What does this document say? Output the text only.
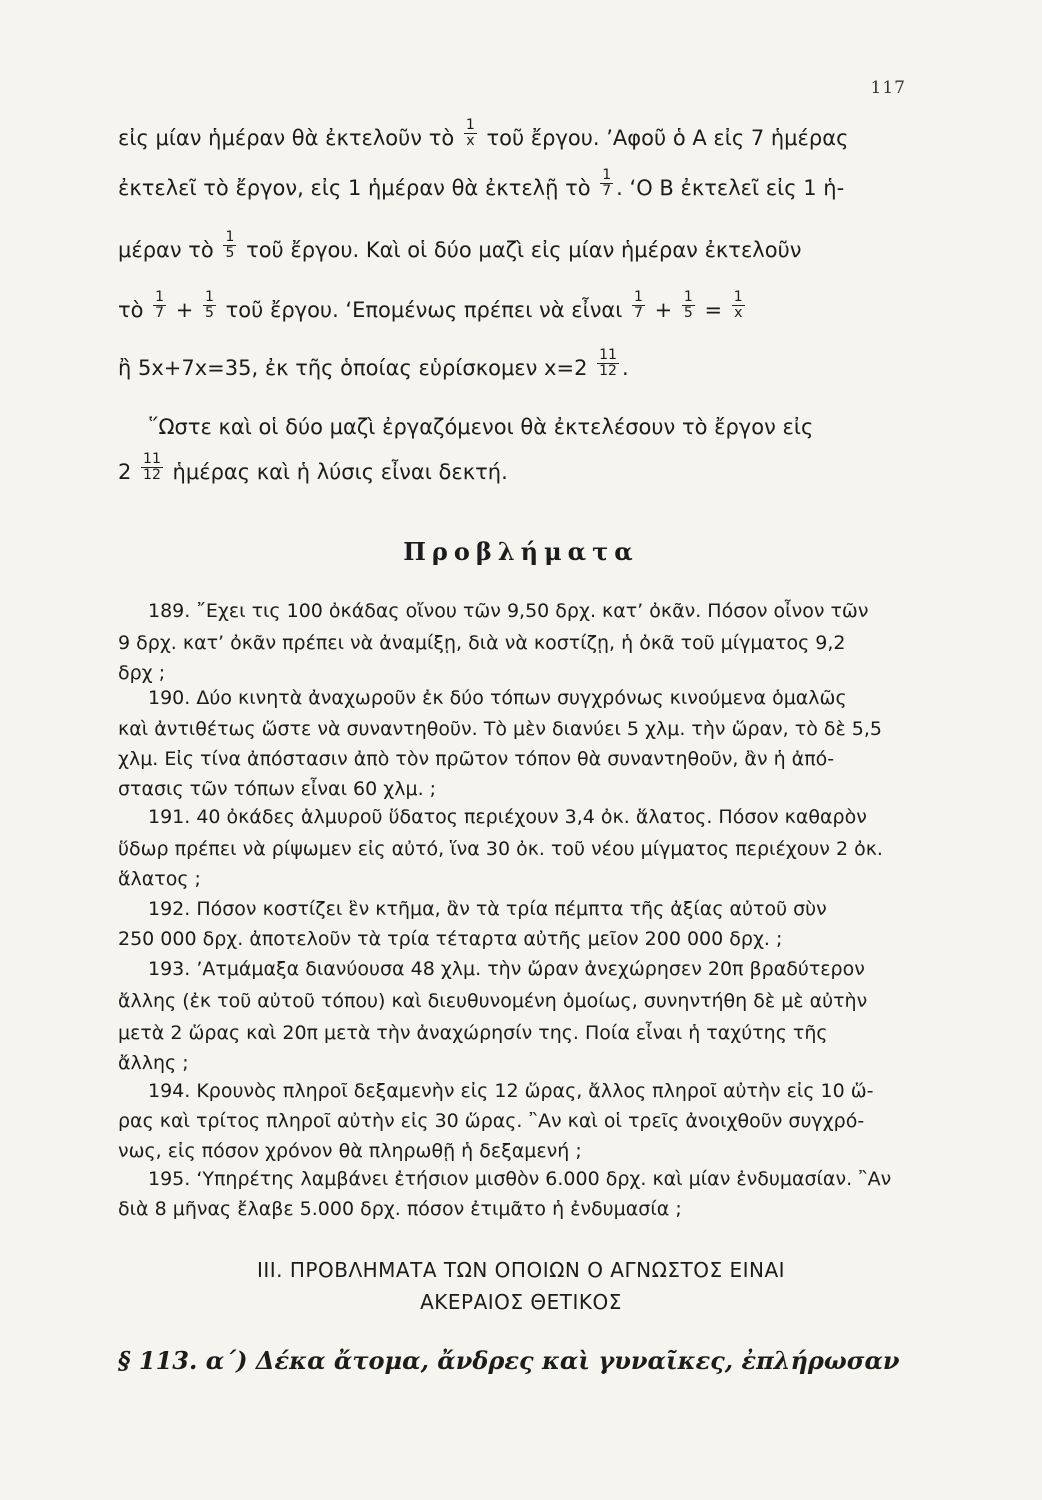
117
εἰς μίαν ἡμέραν θὰ ἐκτελοῦν τὸ $\frac{1}{x}$ τοῦ ἔργου. ’Αφοῦ ὁ Α εἰς 7 ἡμέρας
ἐκτελεῖ τὸ ἔργον, εἰς 1 ἡμέραν θὰ ἐκτελῇ τὸ $\frac{1}{7}$ . ‘Ο Β ἐκτελεῖ εἰς 1 ἡ-
μέραν τὸ $\frac{1}{5}$ τοῦ ἔργου. Καὶ οἱ δύο μαζὶ εἰς μίαν ἡμέραν ἐκτελοῦν
τὸ $\frac{1}{7} + \frac{1}{5}$ τοῦ ἔργου. ‘Επομένως πρέπει νὰ εἶναι $\frac{1}{7} + \frac{1}{5} = \frac{1}{x}$
ἢ 5x+7x=35, ἐκ τῆς ὁποίας εὑρίσκομεν $x=2 \frac{11}{12}$ .
῞Ωστε καὶ οἱ δύο μαζὶ ἐργαζόμενοι θὰ ἐκτελέσουν τὸ ἔργον εἰς
$2 \frac{11}{12}$ ἡμέρας καὶ ἡ λύσις εἶναι δεκτή.
Προβλήματα
189. ῎Εχει τις 100 ὀκάδας οἴνου τῶν 9,50 δρχ. κατ’ ὀκᾶν. Πόσον οἶνον τῶν
9 δρχ. κατ’ ὀκᾶν πρέπει νὰ ἀναμίξῃ, διὰ νὰ κοστίζῃ, ἡ ὀκᾶ τοῦ μίγματος 9,2
δρχ ;
190. Δύο κινητὰ ἀναχωροῦν ἐκ δύο τόπων συγχρόνως κινούμενα ὁμαλῶς
καὶ ἀντιθέτως ὥστε νὰ συναντηθοῦν. Τὸ μὲν διανύει 5 χλμ. τὴν ὥραν, τὸ δὲ 5,5
χλμ. Εἰς τίνα ἀπόστασιν ἀπὸ τὸν πρῶτον τόπον θὰ συναντηθοῦν, ἂν ἡ ἀπό-
στασις τῶν τόπων εἶναι 60 χλμ. ;
191. 40 ὀκάδες ἁλμυροῦ ὕδατος περιέχουν 3,4 ὀκ. ἅλατος. Πόσον καθαρὸν
ὕδωρ πρέπει νὰ ρίψωμεν εἰς αὐτό, ἵνα 30 ὀκ. τοῦ νέου μίγματος περιέχουν 2 ὀκ.
ἅλατος ;
192. Πόσον κοστίζει ἓν κτῆμα, ἂν τὰ τρία πέμπτα τῆς ἀξίας αὐτοῦ σὺν
250 000 δρχ. ἀποτελοῦν τὰ τρία τέταρτα αὐτῆς μεῖον 200 000 δρχ. ;
193. ’Ατμάμαξα διανύουσα 48 χλμ. τὴν ὥραν ἀνεχώρησεν 20π βραδύτερον
ἄλλης (ἐκ τοῦ αὐτοῦ τόπου) καὶ διευθυνομένη ὁμοίως, συνηντήθη δὲ μὲ αὐτὴν
μετὰ 2 ὥρας καὶ 20π μετὰ τὴν ἀναχώρησίν της. Ποία εἶναι ἡ ταχύτης τῆς
ἄλλης ;
194. Κρουνὸς πληροῖ δεξαμενὴν εἰς 12 ὥρας, ἄλλος πληροῖ αὐτὴν εἰς 10 ὥ-
ρας καὶ τρίτος πληροῖ αὐτὴν εἰς 30 ὥρας. ῍Αν καὶ οἱ τρεῖς ἀνοιχθοῦν συγχρό-
νως, εἰς πόσον χρόνον θὰ πληρωθῇ ἡ δεξαμενή ;
195. ‘Υπηρέτης λαμβάνει ἐτήσιον μισθὸν 6.000 δρχ. καὶ μίαν ἐνδυμασίαν. ῍Αν
διὰ 8 μῆνας ἔλαβε 5.000 δρχ. πόσον ἐτιμᾶτο ἡ ἐνδυμασία ;
ΙΙΙ. ΠΡΟΒΛΗΜΑΤΑ ΤΩΝ ΟΠΟΙΩΝ Ο ΑΓΝΩΣΤΟΣ ΕΙΝΑΙ
ΑΚΕΡΑΙΟΣ ΘΕΤΙΚΟΣ
§ 113. α΄) Δέκα ἄτομα, ἄνδρες καὶ γυναῖκες, ἐπλήρωσαν
